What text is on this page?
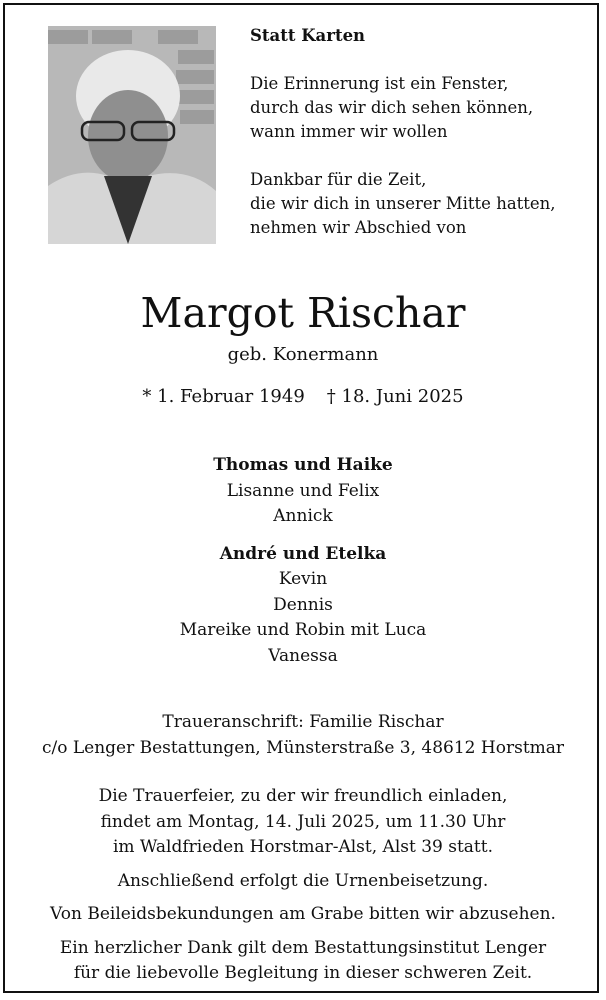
Statt Karten

Die Erinnerung ist ein Fenster,
durch das wir dich sehen können,
wann immer wir wollen

Dankbar für die Zeit,
die wir dich in unserer Mitte hatten,
nehmen wir Abschied von

Margot Rischar
geb. Konermann
* 1. Februar 1949 † 18. Juni 2025
Thomas und Haike
Lisanne und Felix
Annick
André und Etelka
Kevin
Dennis
Mareike und Robin mit Luca
Vanessa
Traueranschrift: Familie Rischar
c/o Lenger Bestattungen, Münsterstraße 3, 48612 Horstmar
Die Trauerfeier, zu der wir freundlich einladen,
findet am Montag, 14. Juli 2025, um 11.30 Uhr
im Waldfrieden Horstmar-Alst, Alst 39 statt.
Anschließend erfolgt die Urnenbeisetzung.
Von Beileidsbekundungen am Grabe bitten wir abzusehen.
Ein herzlicher Dank gilt dem Bestattungsinstitut Lenger
für die liebevolle Begleitung in dieser schweren Zeit.
